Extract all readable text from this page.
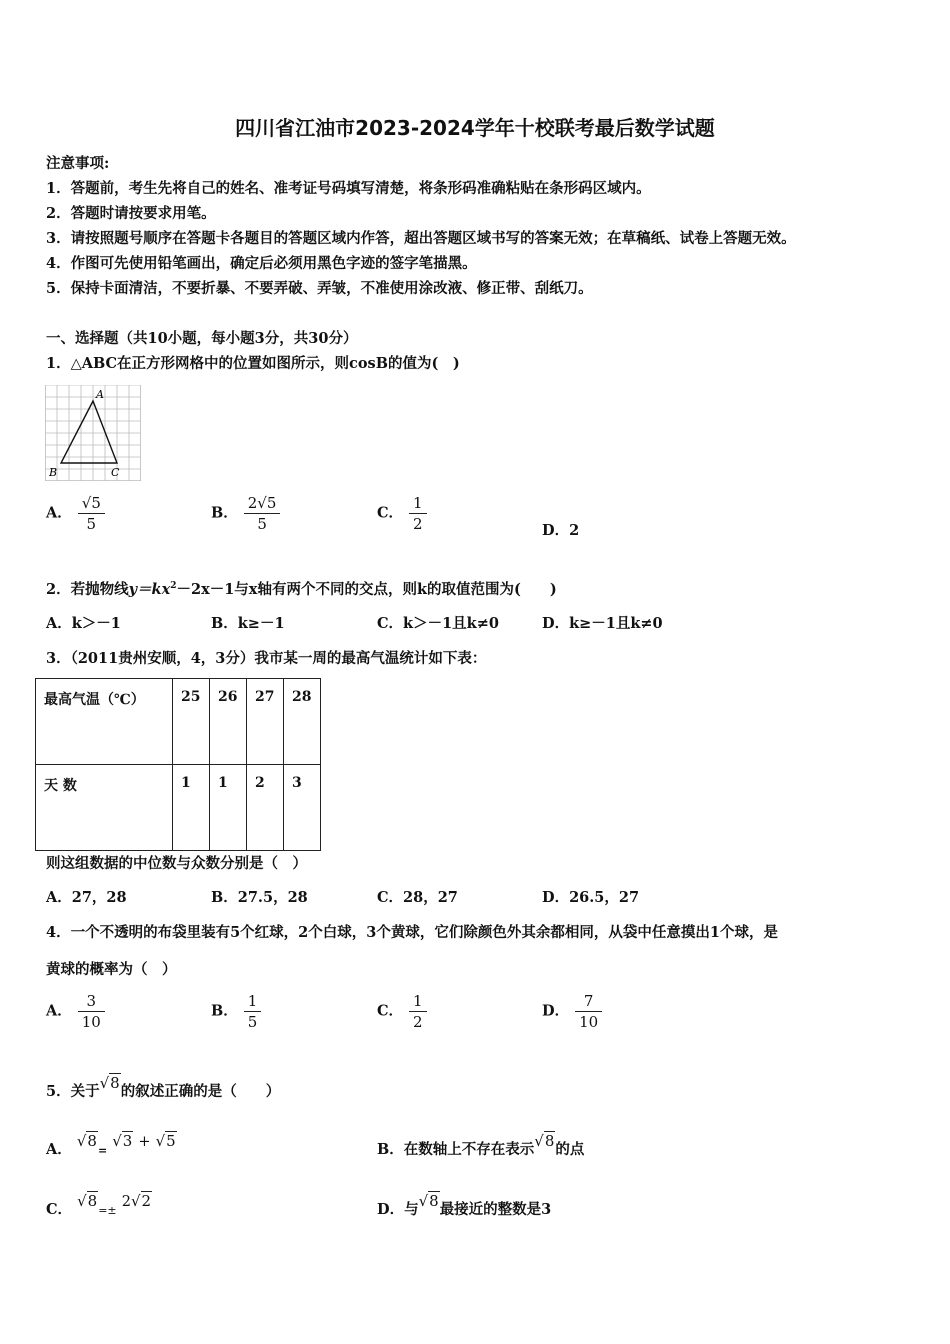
四川省江油市2023-2024学年十校联考最后数学试题
注意事项:
1．答题前，考生先将自己的姓名、准考证号码填写清楚，将条形码准确粘贴在条形码区域内。
2．答题时请按要求用笔。
3．请按照题号顺序在答题卡各题目的答题区域内作答，超出答题区域书写的答案无效；在草稿纸、试卷上答题无效。
4．作图可先使用铅笔画出，确定后必须用黑色字迹的签字笔描黑。
5．保持卡面清洁，不要折暴、不要弄破、弄皱，不准使用涂改液、修正带、刮纸刀。
一、选择题（共10小题，每小题3分，共30分）
1．△ABC在正方形网格中的位置如图所示，则cosB的值为(　)
A
B	C
A． $\frac{√5}{5}$	B． $\frac{2√5}{5}$	C． $\frac{1}{2}$	D．2
2．若抛物线$y=kx^2-2x-1$与x轴有两个不同的交点，则k的取值范围为(　　)
A．k＞－1	B．k≥－1	C．k＞－1且k≠0	D．k≥－1且k≠0
3．（2011贵州安顺，4，3分）我市某一周的最高气温统计如下表：
最高气温（℃）	25	26	27	28
天 数	1	1	2	3
则这组数据的中位数与众数分别是（　）
A．27，28	B．27.5，28	C．28，27	D．26.5，27
4．一个不透明的布袋里装有5个红球，2个白球，3个黄球，它们除颜色外其余都相同，从袋中任意摸出1个球，是
黄球的概率为（　）
A． $\frac{3}{10}$	B． $\frac{1}{5}$	C． $\frac{1}{2}$	D． $\frac{7}{10}$
5．关于√8的叙述正确的是（　　）
A． √8= √3 + √5	B．在数轴上不存在表示√8的点
C． √8=± 2√2	D．与√8最接近的整数是3
